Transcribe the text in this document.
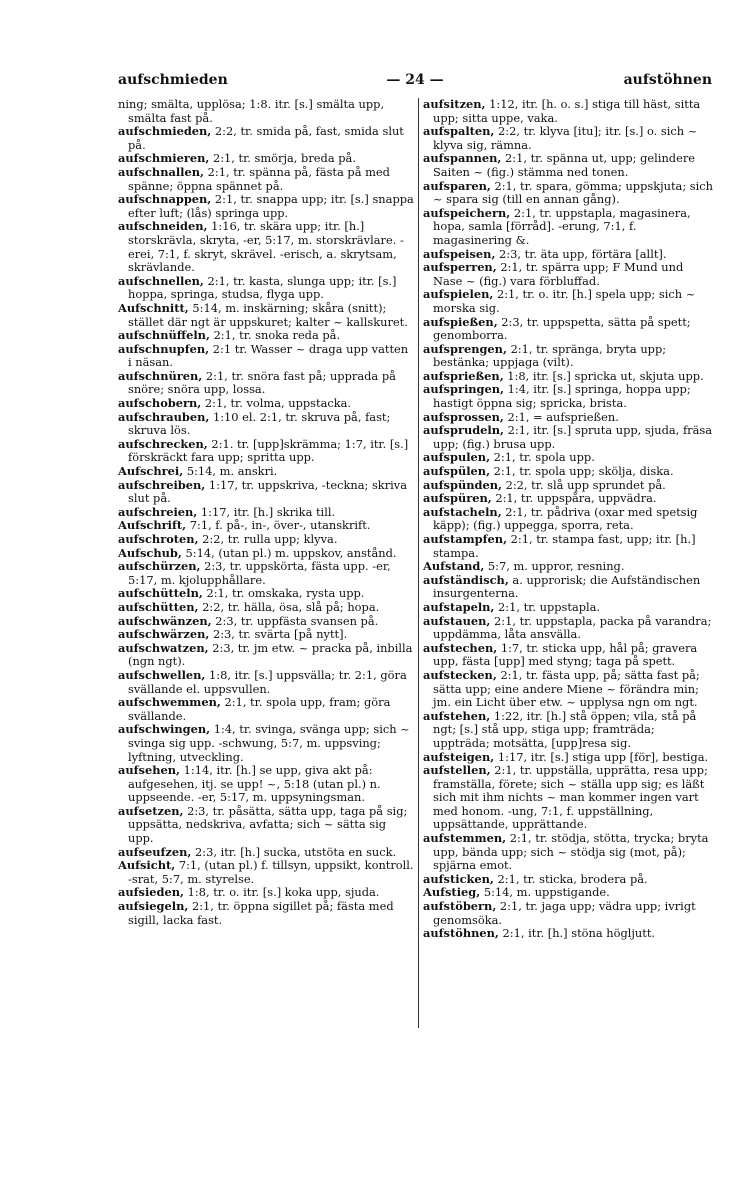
aufschmieden	— 24 —	aufstöhnen

ning; smälta, upplösa; 1:8. itr. [s.] smälta upp, smälta fast på.

aufschmieden, 2:2, tr. smida på, fast, smida slut på.

aufschmieren, 2:1, tr. smörja, breda på.

aufschnallen, 2:1, tr. spänna på, fästa på med spänne; öppna spännet på.

aufschnappen, 2:1, tr. snappa upp; itr. [s.] snappa efter luft; (lås) springa upp.

aufschneiden, 1:16, tr. skära upp; itr. [h.] storskrävla, skryta, -er, 5:17, m. storskrävlare. -erei, 7:1, f. skryt, skrävel. -erisch, a. skrytsam, skrävlande.

aufschnellen, 2:1, tr. kasta, slunga upp; itr. [s.] hoppa, springa, studsa, flyga upp.

Aufschnitt, 5:14, m. inskärning; skåra (snitt); stället där ngt är uppskuret; kalter ~ kallskuret.

aufschnüffeln, 2:1, tr. snoka reda på.

aufschnupfen, 2:1 tr. Wasser ~ draga upp vatten i näsan.

aufschnüren, 2:1, tr. snöra fast på; upprada på snöre; snöra upp, lossa.

aufschobern, 2:1, tr. volma, uppstacka.

aufschrauben, 1:10 el. 2:1, tr. skruva på, fast; skruva lös.

aufschrecken, 2:1. tr. [upp]skrämma; 1:7, itr. [s.] förskräckt fara upp; spritta upp.

Aufschrei, 5:14, m. anskri.

aufschreiben, 1:17, tr. uppskriva, -teckna; skriva slut på.

aufschreien, 1:17, itr. [h.] skrika till.

Aufschrift, 7:1, f. på-, in-, över-, utanskrift.

aufschroten, 2:2, tr. rulla upp; klyva.

Aufschub, 5:14, (utan pl.) m. uppskov, anstånd.

aufschürzen, 2:3, tr. uppskörta, fästa upp. -er, 5:17, m. kjolupphållare.

aufschütteln, 2:1, tr. omskaka, rysta upp.

aufschütten, 2:2, tr. hälla, ösa, slå på; hopa.

aufschwänzen, 2:3, tr. uppfästa svansen på.

aufschwärzen, 2:3, tr. svärta [på nytt].

aufschwatzen, 2:3, tr. jm etw. ~ pracka på, inbilla (ngn ngt).

aufschwellen, 1:8, itr. [s.] uppsvälla; tr. 2:1, göra svällande el. uppsvullen.

aufschwemmen, 2:1, tr. spola upp, fram; göra svällande.

aufschwingen, 1:4, tr. svinga, svänga upp; sich ~ svinga sig upp. -schwung, 5:7, m. uppsving; lyftning, utveckling.

aufsehen, 1:14, itr. [h.] se upp, giva akt på: aufgesehen, itj. se upp! ~, 5:18 (utan pl.) n. uppseende. -er, 5:17, m. uppsyningsman.

aufsetzen, 2:3, tr. påsätta, sätta upp, taga på sig; uppsätta, nedskriva, avfatta; sich ~ sätta sig upp.

aufseufzen, 2:3, itr. [h.] sucka, utstöta en suck.

Aufsicht, 7:1, (utan pl.) f. tillsyn, uppsikt, kontroll. -srat, 5:7, m. styrelse.

aufsieden, 1:8, tr. o. itr. [s.] koka upp, sjuda.

aufsiegeln, 2:1, tr. öppna sigillet på; fästa med sigill, lacka fast.

aufsitzen, 1:12, itr. [h. o. s.] stiga till häst, sitta upp; sitta uppe, vaka.

aufspalten, 2:2, tr. klyva [itu]; itr. [s.] o. sich ~ klyva sig, rämna.

aufspannen, 2:1, tr. spänna ut, upp; gelinderе Saiten ~ (fig.) stämma ned tonen.

aufsparen, 2:1, tr. spara, gömma; uppskjuta; sich ~ spara sig (till en annan gång).

aufspeichern, 2:1, tr. uppstapla, magasinera, hopa, samla [förråd]. -erung, 7:1, f. magasinering &.

aufspeisen, 2:3, tr. äta upp, förtära [allt].

aufsperren, 2:1, tr. spärra upp; F Mund und Nase ~ (fig.) vara förbluffad.

aufspielen, 2:1, tr. o. itr. [h.] spela upp; sich ~ morska sig.

aufspießen, 2:3, tr. uppspetta, sätta på spett; genomborra.

aufsprengen, 2:1, tr. spränga, bryta upp; bestänka; uppjaga (vilt).

aufsprießen, 1:8, itr. [s.] spricka ut, skjuta upp.

aufspringen, 1:4, itr. [s.] springa, hoppa upp; hastigt öppna sig; spricka, brista.

aufsprossen, 2:1, = aufsprießen.

aufsprudeln, 2:1, itr. [s.] spruta upp, sjuda, fräsa upp; (fig.) brusa upp.

aufspulen, 2:1, tr. spola upp.

aufspülen, 2:1, tr. spola upp; skölja, diska.

aufspünden, 2:2, tr. slå upp sprundet på.

aufspüren, 2:1, tr. uppspåra, uppvädra.

aufstacheln, 2:1, tr. pådriva (oxar med spetsig käpp); (fig.) uppegga, sporra, reta.

aufstampfen, 2:1, tr. stampa fast, upp; itr. [h.] stampa.

Aufstand, 5:7, m. uppror, resning.

aufständisch, a. upprorisk; die Aufständischen insurgenterna.

aufstapeln, 2:1, tr. uppstapla.

aufstauen, 2:1, tr. uppstapla, packa på varandra; uppdämma, låta ansvälla.

aufstechen, 1:7, tr. sticka upp, hål på; gravera upp, fästa [upp] med styng; taga på spett.

aufstecken, 2:1, tr. fästa upp, på; sätta fast på; sätta upp; eine andere Miene ~ förändra min; jm. ein Licht über etw. ~ upplysa ngn om ngt.

aufstehen, 1:22, itr. [h.] stå öppen; vila, stå på ngt; [s.] stå upp, stiga upp; framträda; uppträda; motsätta, [upp]resa sig.

aufsteigen, 1:17, itr. [s.] stiga upp [för], bestiga.

aufstellen, 2:1, tr. uppställa, upprätta, resa upp; framställa, förete; sich ~ ställa upp sig; es läßt sich mit ihm nichts ~ man kommer ingen vart med honom. -ung, 7:1, f. uppställning, uppsättande, upprättande.

aufstemmen, 2:1, tr. stödja, stötta, trycka; bryta upp, bända upp; sich ~ stödja sig (mot, på); spjärna emot.

aufsticken, 2:1, tr. sticka, brodera på.

Aufstieg, 5:14, m. uppstigande.

aufstöbern, 2:1, tr. jaga upp; vädra upp; ivrigt genomsöka.

aufstöhnen, 2:1, itr. [h.] stöna högljutt.
